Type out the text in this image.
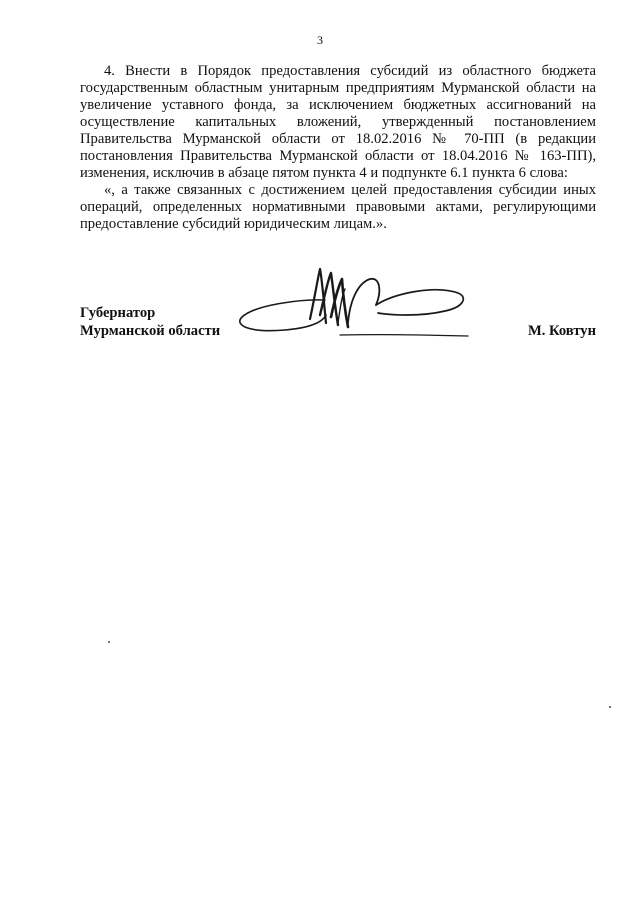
3

4. Внести в Порядок предоставления субсидий из областного бюджета государственным областным унитарным предприятиям Мурманской области на увеличение уставного фонда, за исключением бюджетных ассигнований на осуществление капитальных вложений, утвержденный постановлением Правительства Мурманской области от 18.02.2016 № 70-ПП (в редакции постановления Правительства Мурманской области от 18.04.2016 № 163-ПП), изменения, исключив в абзаце пятом пункта 4 и подпункте 6.1 пункта 6 слова:

«, а также связанных с достижением целей предоставления субсидии иных операций, определенных нормативными правовыми актами, регулирующими предоставление субсидий юридическим лицам.».

Губернатор
Мурманской области	М. Ковтун
